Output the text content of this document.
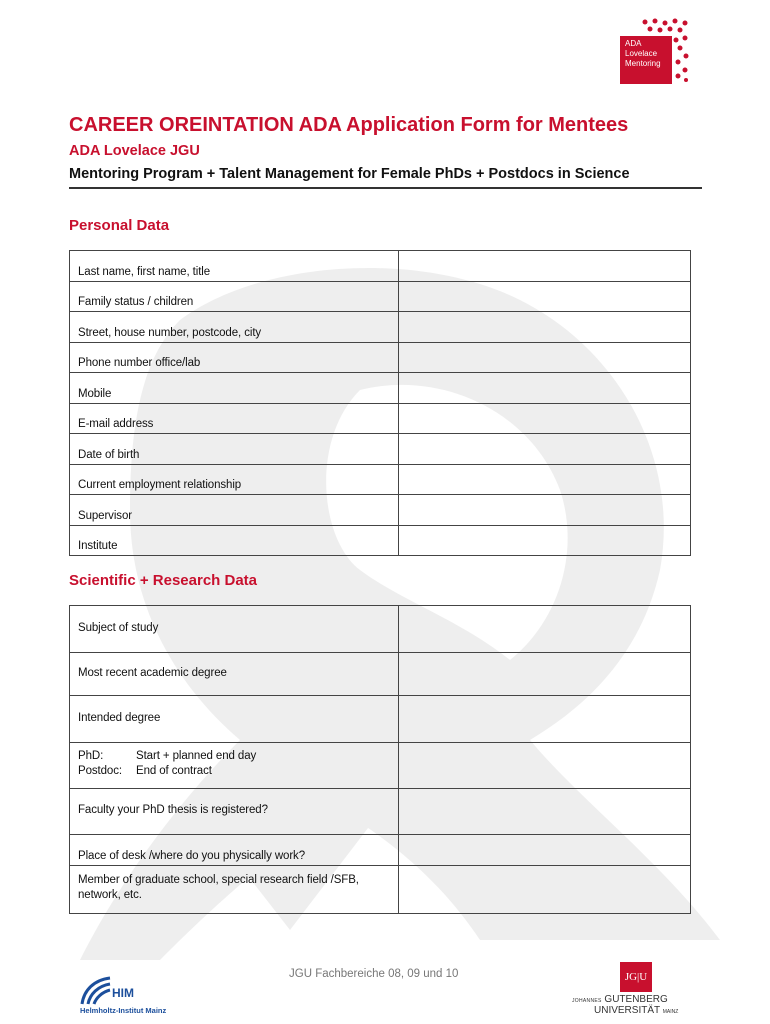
ADA
Lovelace
Mentoring
CAREER OREINTATION ADA Application Form for Mentees
ADA Lovelace JGU
Mentoring Program + Talent Management for Female PhDs + Postdocs in Science
Personal Data
Last name, first name, title	
Family status / children	
Street, house number, postcode, city	
Phone number office/lab	
Mobile	
E-mail address	
Date of birth	
Current employment relationship	
Supervisor	
Institute	
Scientific + Research Data
Subject of study	
Most recent academic degree	
Intended degree	

PhD: Start + planned end day
Postdoc: End of contract

Faculty your PhD thesis is registered?	
Place of desk /where do you physically work?	
Member of graduate school, special research field /SFB,
network, etc.	
JGU Fachbereiche 08, 09 und 10
HIM
Helmholtz-Institut Mainz
JG|U
JOHANNES GUTENBERG
UNIVERSITÄT MAINZ
